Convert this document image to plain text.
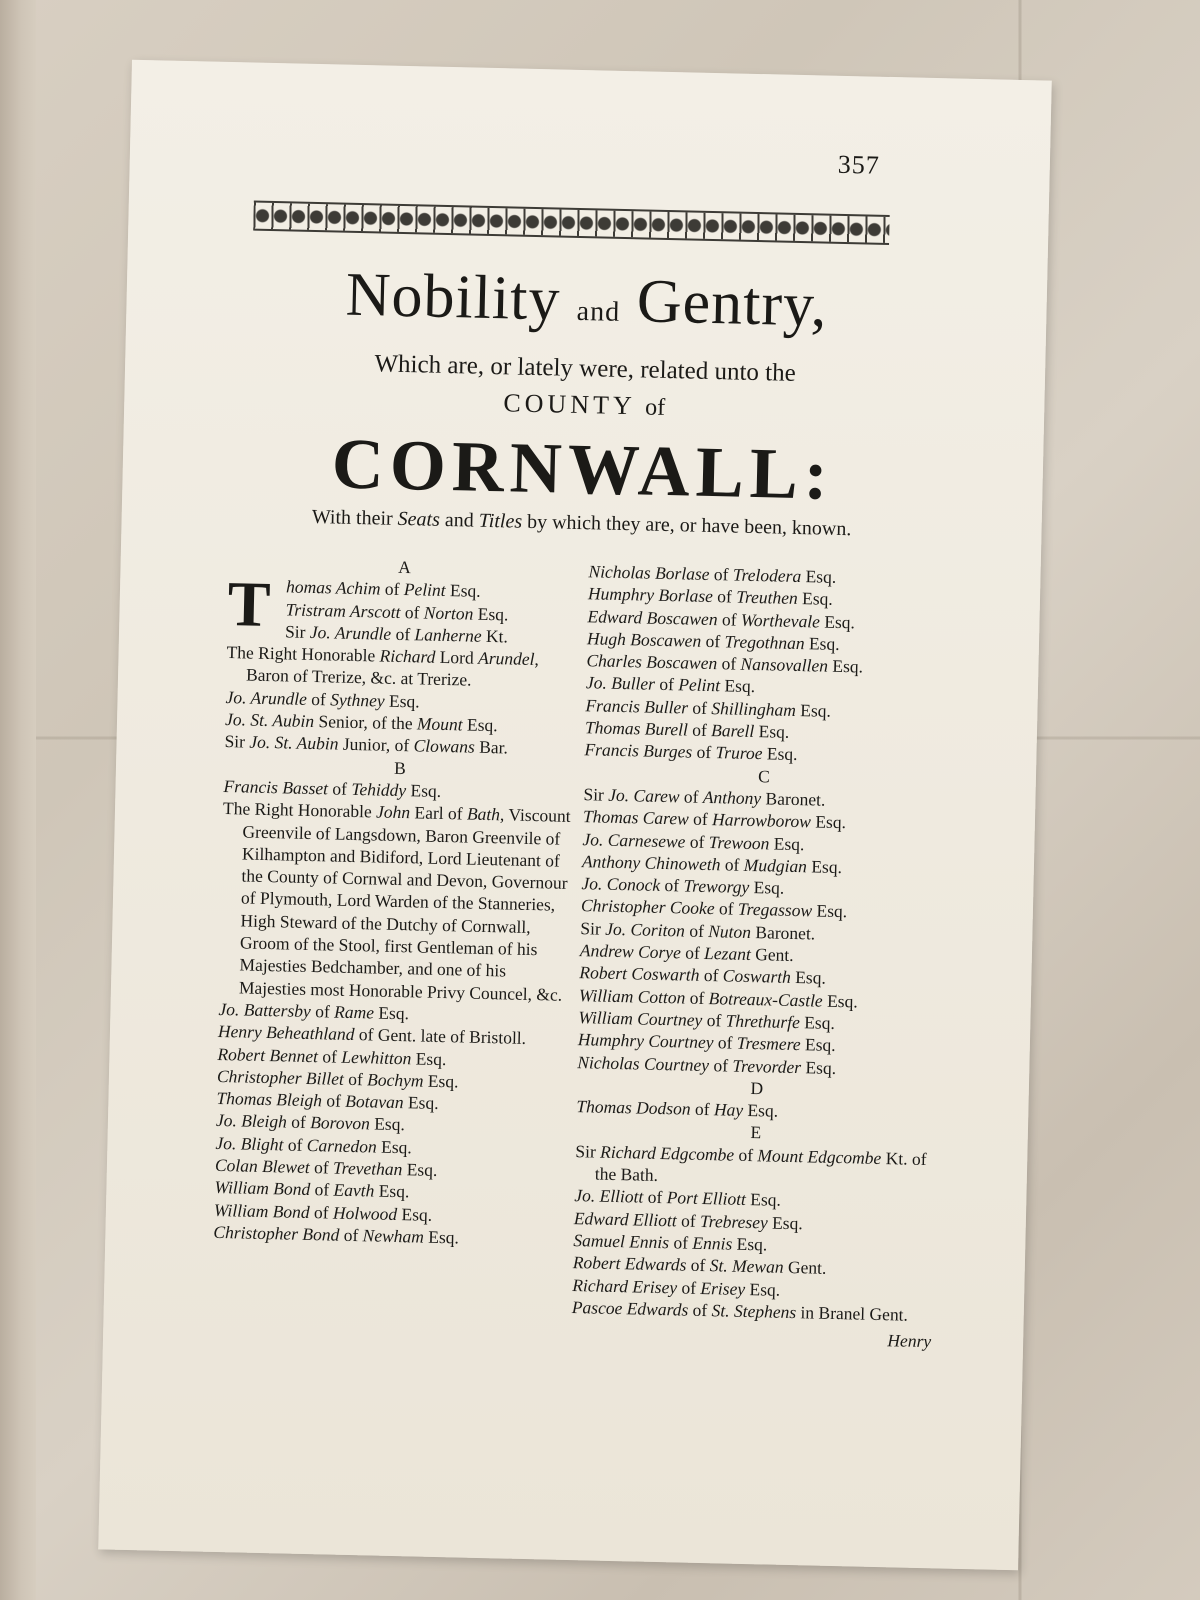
357
Nobility and Gentry,
Which are, or lately were, related unto the
COUNTY of
CORNWALL:
With their Seats and Titles by which they are, or have been, known.
A
T homas Achim of Pelint Esq.
Tristram Arscott of Norton Esq.
Sir Jo. Arundle of Lanherne Kt.
The Right Honorable Richard Lord Arundel, Baron of Trerize, &c. at Trerize.
Jo. Arundle of Sythney Esq.
Jo. St. Aubin Senior, of the Mount Esq.
Sir Jo. St. Aubin Junior, of Clowans Bar.
B
Francis Basset of Tehiddy Esq.
The Right Honorable John Earl of Bath, Viscount Greenvile of Langsdown, Baron Greenvile of Kilhampton and Bidiford, Lord Lieutenant of the County of Cornwal and Devon, Governour of Plymouth, Lord Warden of the Stanneries, High Steward of the Dutchy of Cornwall, Groom of the Stool, first Gentleman of his Majesties Bedchamber, and one of his Majesties most Honorable Privy Councel, &c.
Jo. Battersby of Rame Esq.
Henry Beheathland of Gent. late of Bristoll.
Robert Bennet of Lewhitton Esq.
Christopher Billet of Bochym Esq.
Thomas Bleigh of Botavan Esq.
Jo. Bleigh of Borovon Esq.
Jo. Blight of Carnedon Esq.
Colan Blewet of Trevethan Esq.
William Bond of Eavth Esq.
William Bond of Holwood Esq.
Christopher Bond of Newham Esq.
Nicholas Borlase of Trelodera Esq.
Humphry Borlase of Treuthen Esq.
Edward Boscawen of Worthevale Esq.
Hugh Boscawen of Tregothnan Esq.
Charles Boscawen of Nansovallen Esq.
Jo. Buller of Pelint Esq.
Francis Buller of Shillingham Esq.
Thomas Burell of Barell Esq.
Francis Burges of Truroe Esq.
C
Sir Jo. Carew of Anthony Baronet.
Thomas Carew of Harrowborow Esq.
Jo. Carnesewe of Trewoon Esq.
Anthony Chinoweth of Mudgian Esq.
Jo. Conock of Treworgy Esq.
Christopher Cooke of Tregassow Esq.
Sir Jo. Coriton of Nuton Baronet.
Andrew Corye of Lezant Gent.
Robert Coswarth of Coswarth Esq.
William Cotton of Botreaux-Castle Esq.
William Courtney of Threthurfe Esq.
Humphry Courtney of Tresmere Esq.
Nicholas Courtney of Trevorder Esq.
D
Thomas Dodson of Hay Esq.
E
Sir Richard Edgcombe of Mount Edgcombe Kt. of the Bath.
Jo. Elliott of Port Elliott Esq.
Edward Elliott of Trebresey Esq.
Samuel Ennis of Ennis Esq.
Robert Edwards of St. Mewan Gent.
Richard Erisey of Erisey Esq.
Pascoe Edwards of St. Stephens in Branel Gent.
Henry
